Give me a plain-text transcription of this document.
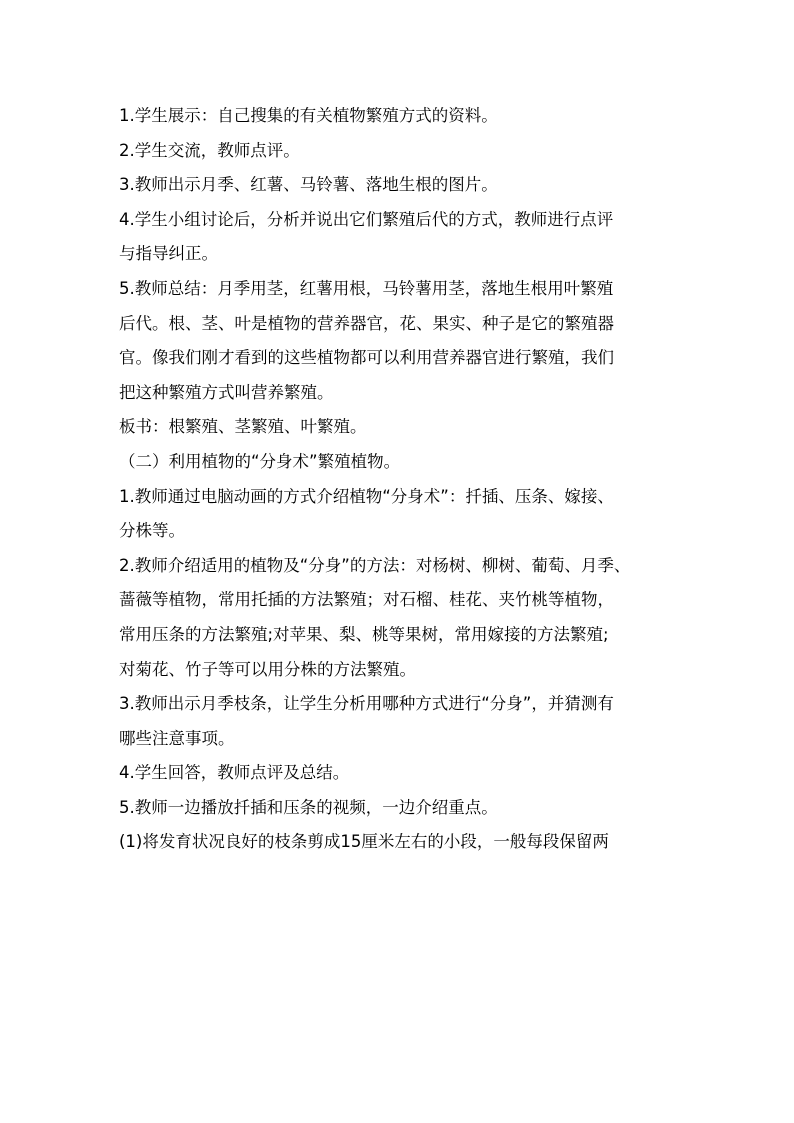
1.学生展示：自己搜集的有关植物繁殖方式的资料。
2.学生交流，教师点评。
3.教师出示月季、红薯、马铃薯、落地生根的图片。
4.学生小组讨论后，分析并说出它们繁殖后代的方式，教师进行点评
与指导纠正。
5.教师总结：月季用茎，红薯用根，马铃薯用茎，落地生根用叶繁殖
后代。根、茎、叶是植物的营养器官，花、果实、种子是它的繁殖器
官。像我们刚才看到的这些植物都可以利用营养器官进行繁殖，我们
把这种繁殖方式叫营养繁殖。
板书：根繁殖、茎繁殖、叶繁殖。
（二）利用植物的“分身术”繁殖植物。
1.教师通过电脑动画的方式介绍植物“分身术”：扦插、压条、嫁接、
分株等。
2.教师介绍适用的植物及“分身”的方法：对杨树、柳树、葡萄、月季、
蔷薇等植物，常用托插的方法繁殖；对石榴、桂花、夹竹桃等植物，
常用压条的方法繁殖;对苹果、梨、桃等果树，常用嫁接的方法繁殖;
对菊花、竹子等可以用分株的方法繁殖。
3.教师出示月季枝条，让学生分析用哪种方式进行“分身”，并猜测有
哪些注意事项。
4.学生回答，教师点评及总结。
5.教师一边播放扦插和压条的视频，一边介绍重点。
(1)将发育状况良好的枝条剪成15厘米左右的小段，一般每段保留两
